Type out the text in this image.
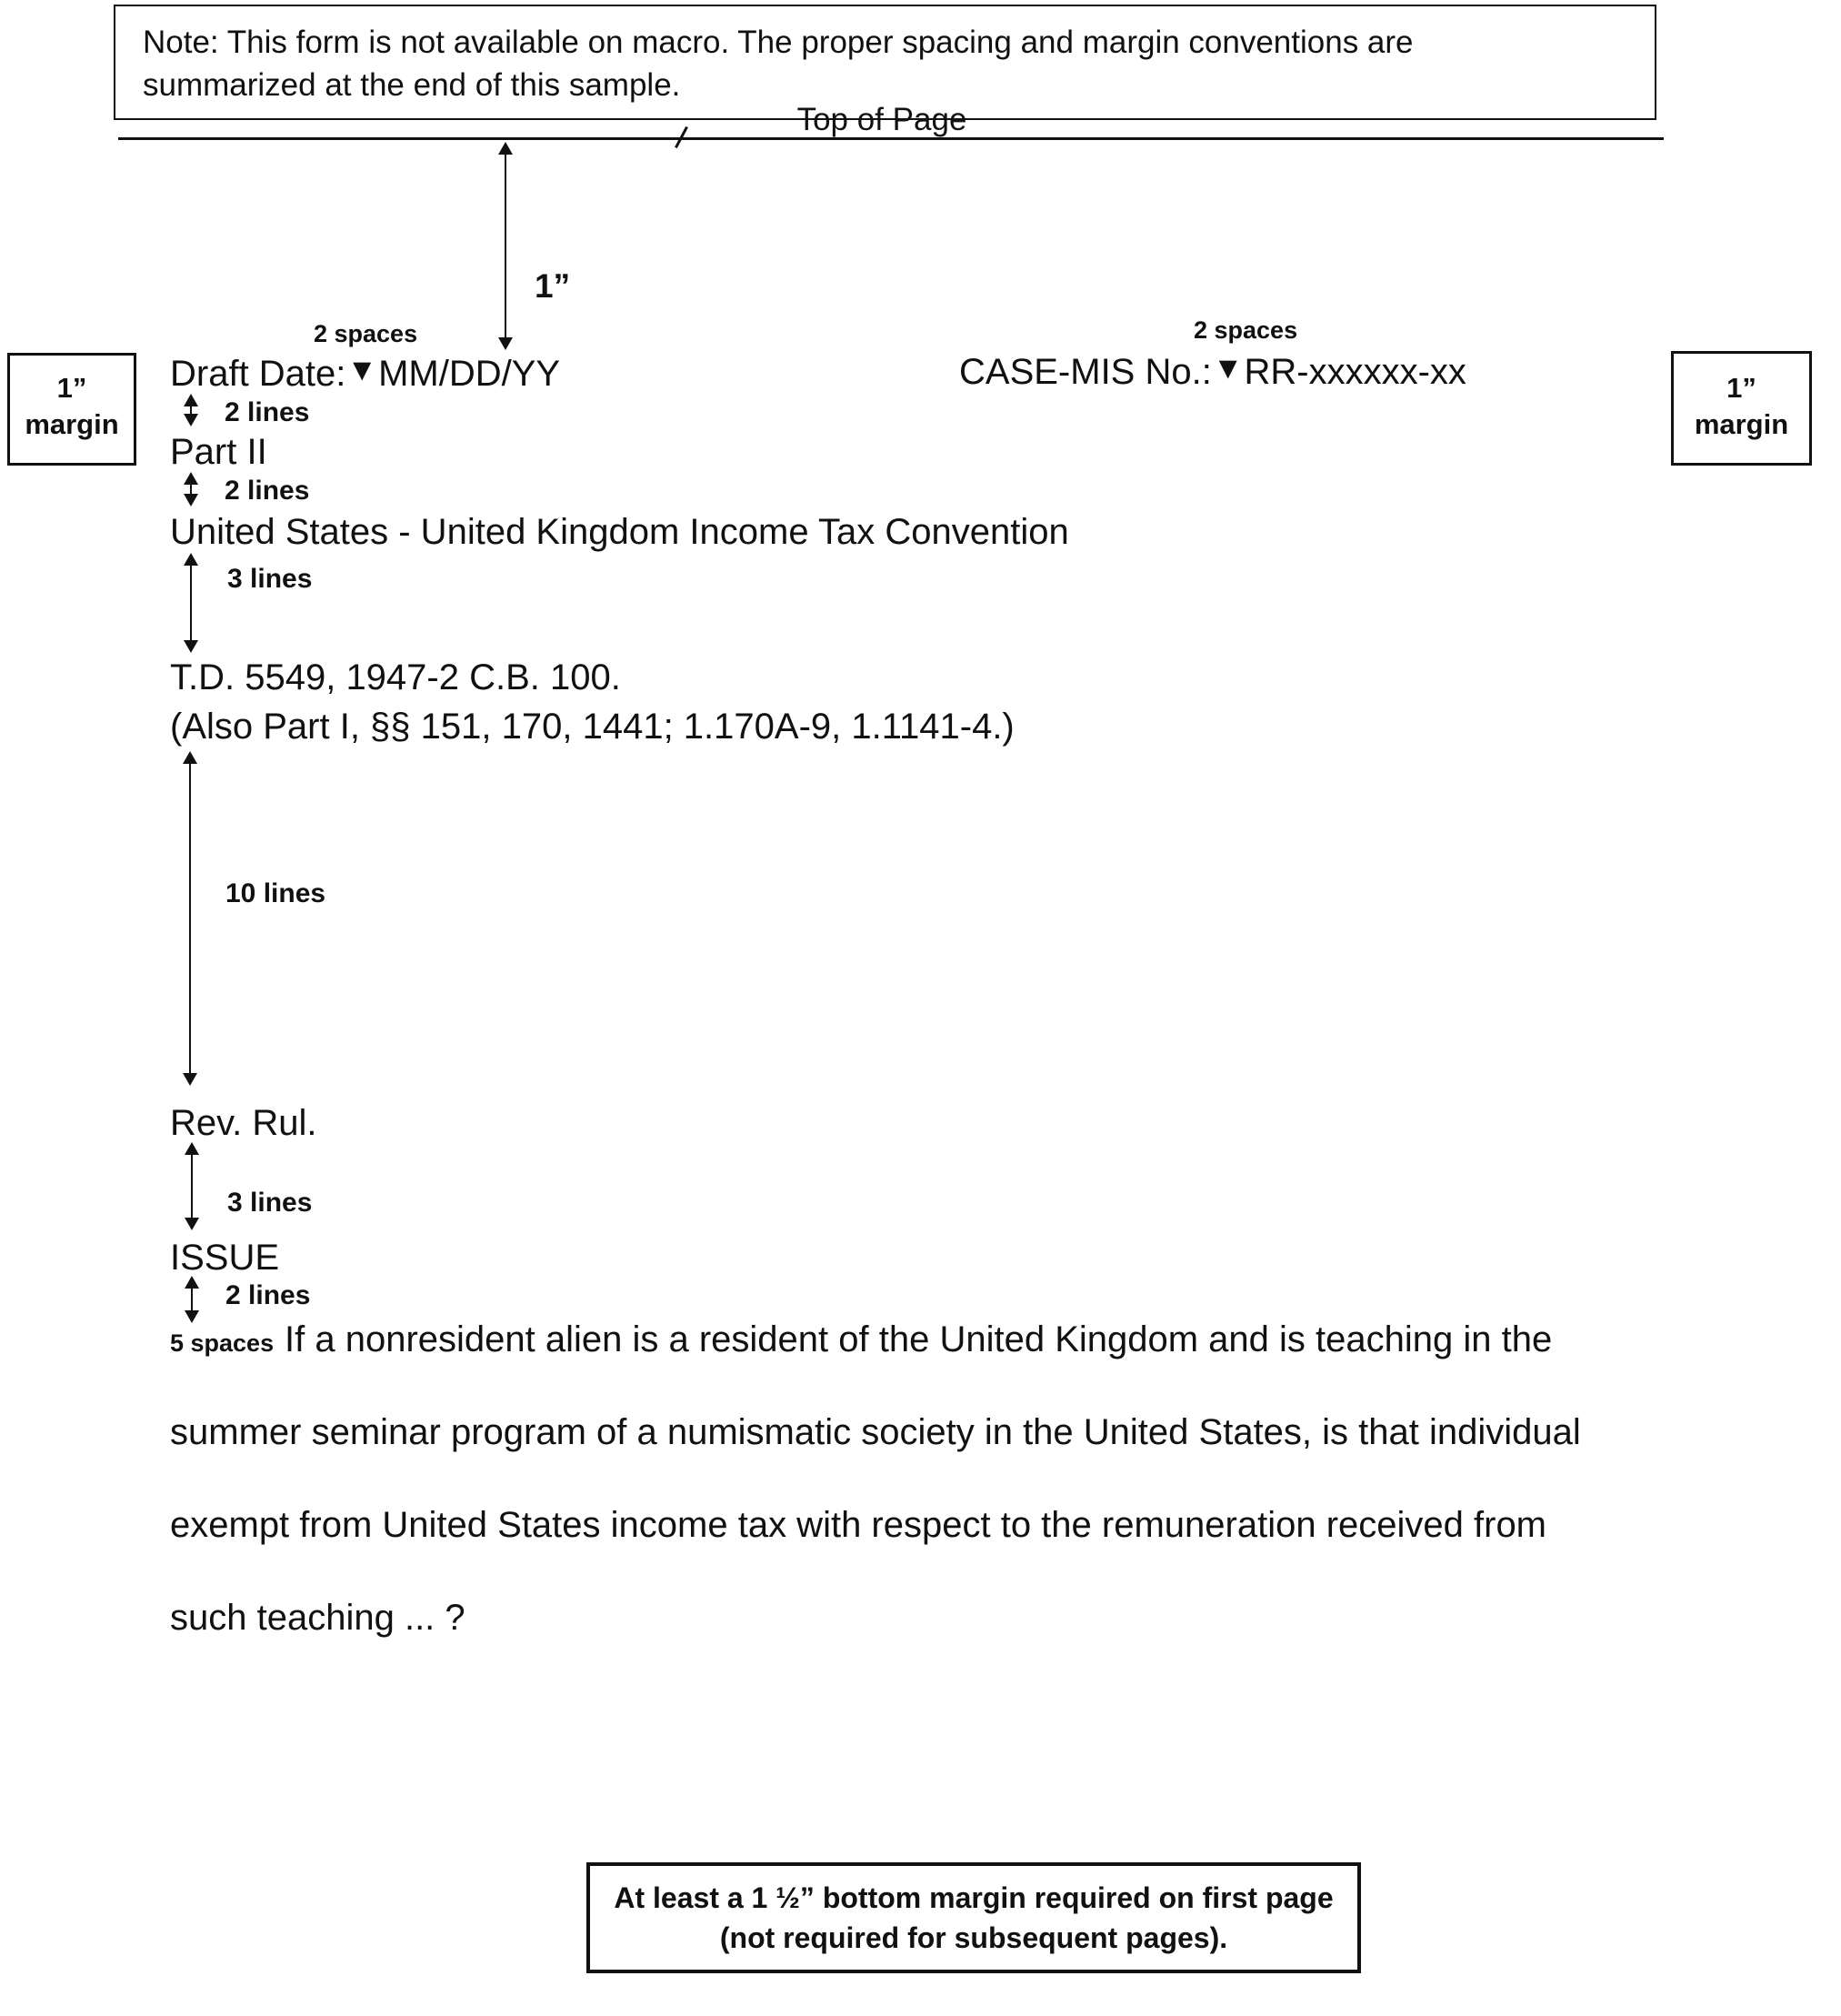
Note: This form is not available on macro. The proper spacing and margin conventions are
summarized at the end of this sample.
Top of Page
1”
1”
margin
1”
margin
2 spaces
Draft Date:▼MM/DD/YY
2 spaces
CASE-MIS No.:▼RR-xxxxxx-xx
2 lines
Part II
2 lines
United States - United Kingdom Income Tax Convention
3 lines
T.D. 5549, 1947-2 C.B. 100.
(Also Part I, §§ 151, 170, 1441; 1.170A-9, 1.1141-4.)
10 lines
Rev. Rul.
3 lines
ISSUE
2 lines
5 spaces If a nonresident alien is a resident of the United Kingdom and is teaching in the
summer seminar program of a numismatic society in the United States, is that individual
exempt from United States income tax with respect to the remuneration received from
such teaching ... ?
At least a 1 ½” bottom margin required on first page
(not required for subsequent pages).
